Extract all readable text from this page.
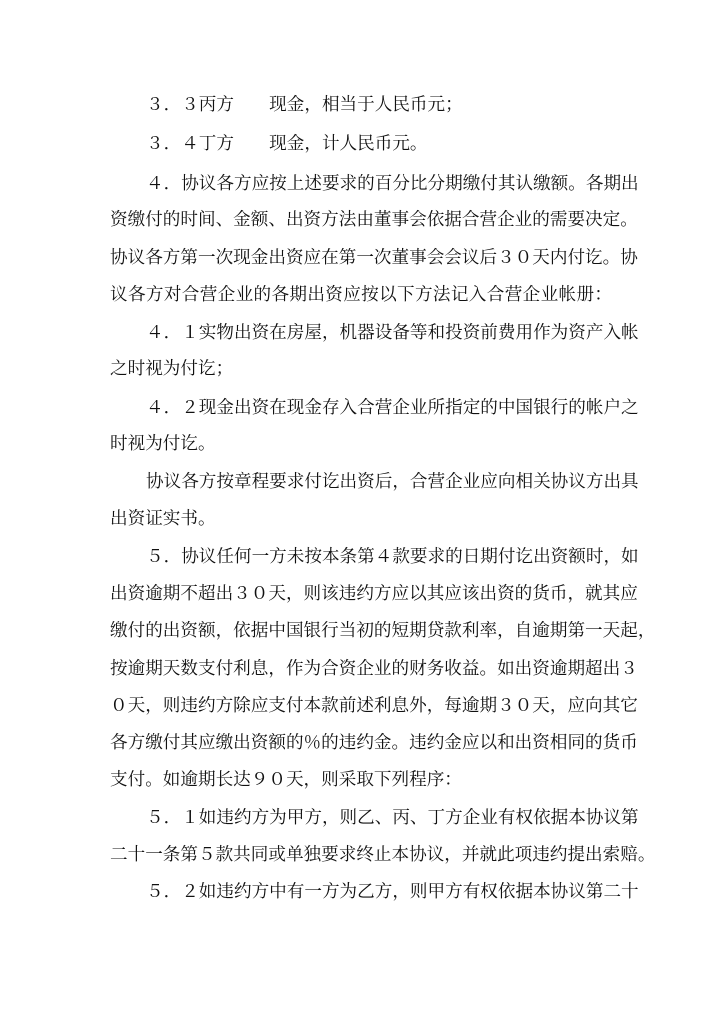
３．３丙方　　现金，相当于人民币元；
３．４丁方　　现金，计人民币元。
４．协议各方应按上述要求的百分比分期缴付其认缴额。各期出
资缴付的时间、金额、出资方法由董事会依据合营企业的需要决定。
协议各方第一次现金出资应在第一次董事会会议后３０天内付讫。协
议各方对合营企业的各期出资应按以下方法记入合营企业帐册：
４．１实物出资在房屋，机器设备等和投资前费用作为资产入帐
之时视为付讫；
４．２现金出资在现金存入合营企业所指定的中国银行的帐户之
时视为付讫。
协议各方按章程要求付讫出资后，合营企业应向相关协议方出具
出资证实书。
５．协议任何一方未按本条第４款要求的日期付讫出资额时，如
出资逾期不超出３０天，则该违约方应以其应该出资的货币，就其应
缴付的出资额，依据中国银行当初的短期贷款利率，自逾期第一天起，
按逾期天数支付利息，作为合资企业的财务收益。如出资逾期超出３
０天，则违约方除应支付本款前述利息外，每逾期３０天，应向其它
各方缴付其应缴出资额的％的违约金。违约金应以和出资相同的货币
支付。如逾期长达９０天，则采取下列程序：
５．１如违约方为甲方，则乙、丙、丁方企业有权依据本协议第
二十一条第５款共同或单独要求终止本协议，并就此项违约提出索赔。
５．２如违约方中有一方为乙方，则甲方有权依据本协议第二十
